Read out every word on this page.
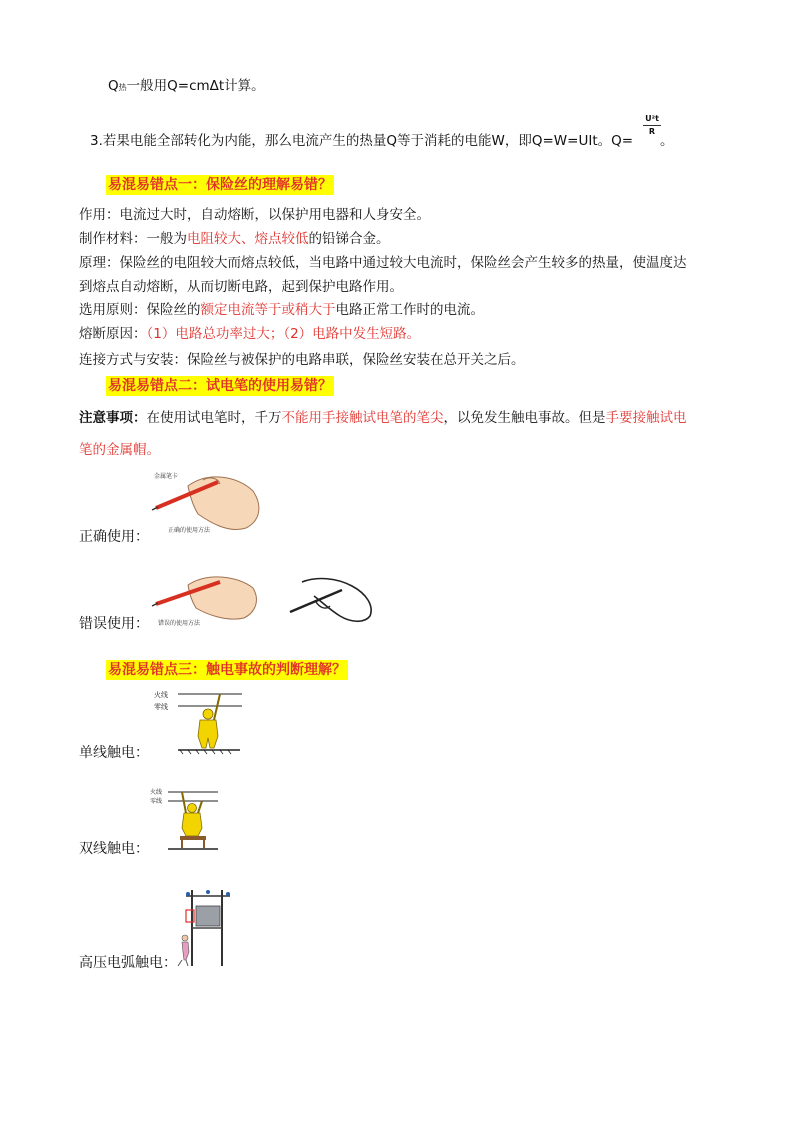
Q热一般用Q=cmΔt计算。
3.若果电能全部转化为内能，那么电流产生的热量Q等于消耗的电能W，即Q=W=UIt。Q=
U²t
R
。
易混易错点一：保险丝的理解易错？
作用：电流过大时，自动熔断，以保护用电器和人身安全。
制作材料：一般为电阻较大、熔点较低的铅锑合金。
原理：保险丝的电阻较大而熔点较低，当电路中通过较大电流时，保险丝会产生较多的热量，使温度达
到熔点自动熔断，从而切断电路，起到保护电路作用。
选用原则：保险丝的额定电流等于或稍大于电路正常工作时的电流。
熔断原因：（1）电路总功率过大；（2）电路中发生短路。
连接方式与安装：保险丝与被保护的电路串联，保险丝安装在总开关之后。
易混易错点二：试电笔的使用易错？
注意事项：在使用试电笔时，千万不能用手接触试电笔的笔尖，以免发生触电事故。但是手要接触试电
笔的金属帽。
金属笔卡
正确的使用方法
正确使用：
错误的使用方法
错误使用：
易混易错点三：触电事故的判断理解？
火线
零线
单线触电：
火线
零线
双线触电：
高压电弧触电：
